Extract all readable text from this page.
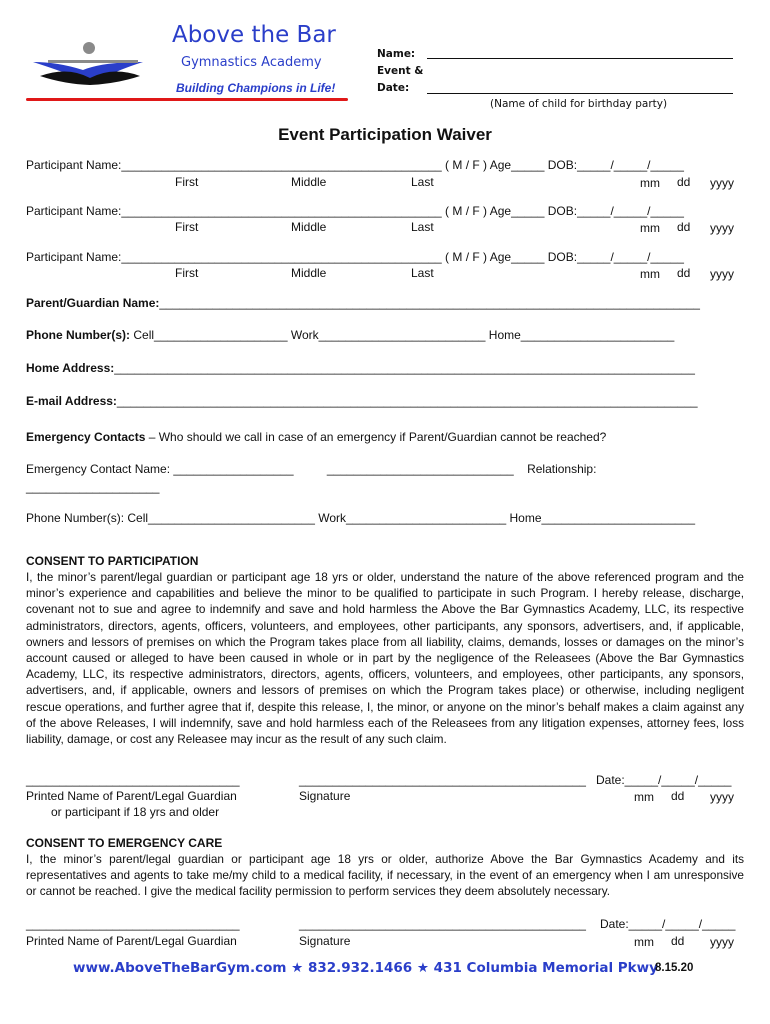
Above the Bar
Gymnastics Academy
Building Champions in Life!
Name:
Event &
Date:
(Name of child for birthday party)
Event Participation Waiver
Participant Name:________________________________________________ ( M / F ) Age_____ DOB:_____/_____/_____
First	Middle	Last	mm dd yyyy
Participant Name:________________________________________________ ( M / F ) Age_____ DOB:_____/_____/_____
First	Middle	Last	mm dd yyyy
Participant Name:________________________________________________ ( M / F ) Age_____ DOB:_____/_____/_____
First	Middle	Last	mm dd yyyy
Parent/Guardian Name:_________________________________________________________________________________
Phone Number(s): Cell____________________ Work_________________________ Home_______________________
Home Address:_______________________________________________________________________________________
E-mail Address:_______________________________________________________________________________________
Emergency Contacts – Who should we call in case of an emergency if Parent/Guardian cannot be reached?
Emergency Contact Name: __________________          ____________________________    Relationship:
____________________
Phone Number(s): Cell_________________________ Work________________________ Home_______________________
CONSENT TO PARTICIPATION
I, the minor’s parent/legal guardian or participant age 18 yrs or older, understand the nature of the above referenced program and the minor’s experience and capabilities and believe the minor to be qualified to participate in such Program. I hereby release, discharge, covenant not to sue and agree to indemnify and save and hold harmless the Above the Bar Gymnastics Academy, LLC, its respective administrators, directors, agents, officers, volunteers, and employees, other participants, any sponsors, advertisers, and, if applicable, owners and lessors of premises on which the Program takes place from all liability, claims, demands, losses or damages on the minor’s account caused or alleged to have been caused in whole or in part by the negligence of the Releasees (Above the Bar Gymnastics Academy, LLC, its respective administrators, directors, agents, officers, volunteers, and employees, other participants, any sponsors, advertisers, and, if applicable, owners and lessors of premises on which the Program takes place) or otherwise, including negligent rescue operations, and further agree that if, despite this release, I, the minor, or anyone on the minor’s behalf makes a claim against any of the above Releases, I will indemnify, save and hold harmless each of the Releasees from any litigation expenses, attorney fees, loss liability, damage, or cost any Releasee may incur as the result of any such claim.
________________________________	___________________________________________ Date:_____/_____/_____
Printed Name of Parent/Legal Guardian
or participant if 18 yrs and older
Signature	mm dd yyyy
CONSENT TO EMERGENCY CARE
I, the minor’s parent/legal guardian or participant age 18 yrs or older, authorize Above the Bar Gymnastics Academy and its representatives and agents to take me/my child to a medical facility, if necessary, in the event of an emergency when I am unresponsive or cannot be reached. I give the medical facility permission to perform services they deem absolutely necessary.
________________________________	___________________________________________ Date:_____/_____/_____
Printed Name of Parent/Legal Guardian	Signature	mm dd yyyy
www.AboveTheBarGym.com ★ 832.932.1466 ★ 431 Columbia Memorial Pkwy
8.15.20
